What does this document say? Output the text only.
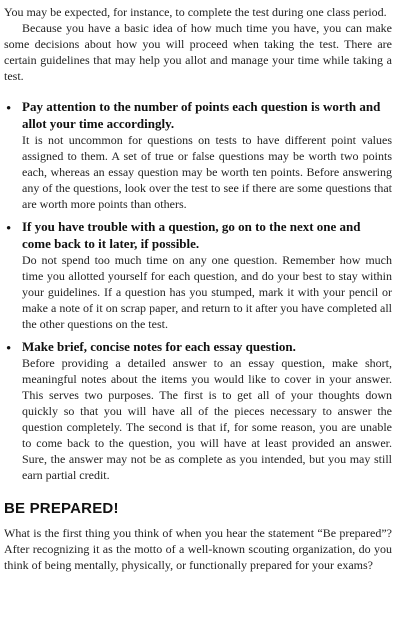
You may be expected, for instance, to complete the test during one class period.

Because you have a basic idea of how much time you have, you can make some decisions about how you will proceed when taking the test. There are certain guidelines that may help you allot and manage your time while taking a test.

• Pay attention to the number of points each question is worth and allot your time accordingly.

It is not uncommon for questions on tests to have different point values assigned to them. A set of true or false questions may be worth two points each, whereas an essay question may be worth ten points. Before answering any of the questions, look over the test to see if there are some questions that are worth more points than others.

• If you have trouble with a question, go on to the next one and come back to it later, if possible.

Do not spend too much time on any one question. Remember how much time you allotted yourself for each question, and do your best to stay within your guidelines. If a question has you stumped, mark it with your pencil or make a note of it on scrap paper, and return to it after you have completed all the other questions on the test.

• Make brief, concise notes for each essay question.

Before providing a detailed answer to an essay question, make short, meaningful notes about the items you would like to cover in your answer. This serves two purposes. The first is to get all of your thoughts down quickly so that you will have all of the pieces necessary to answer the question completely. The second is that if, for some reason, you are unable to come back to the question, you will have at least provided an answer. Sure, the answer may not be as complete as you intended, but you may still earn partial credit.

BE PREPARED!

What is the first thing you think of when you hear the statement “Be prepared”? After recognizing it as the motto of a well-known scouting organization, do you think of being mentally, physically, or functionally prepared for your exams?
